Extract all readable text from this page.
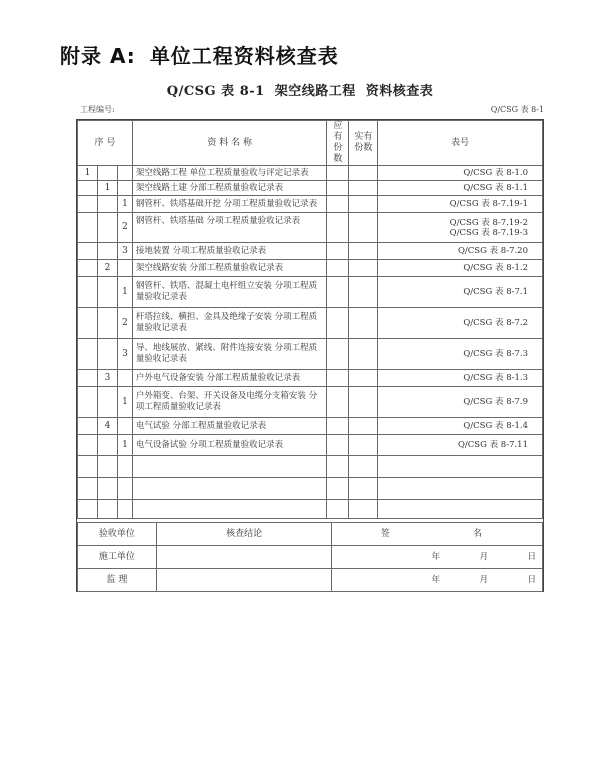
附录 A: 单位工程资料核查表
Q/CSG 表 8-1 架空线路工程 资料核查表
工程编号:	Q/CSG 表 8-1
序 号			资 料 名 称	应有份数	实有份数	表号
1			架空线路工程 单位工程质量验收与评定记录表			Q/CSG 表 8-1.0
	1		架空线路土建 分部工程质量验收记录表			Q/CSG 表 8-1.1
		1	钢管杆、铁塔基础开挖 分项工程质量验收记录表			Q/CSG 表 8-7.19-1
		2	钢管杆、铁塔基础 分项工程质量验收记录表			Q/CSG 表 8-7.19-2
Q/CSG 表 8-7.19-3

		3	接地装置 分项工程质量验收记录表			Q/CSG 表 8-7.20
	2		架空线路安装 分部工程质量验收记录表			Q/CSG 表 8-1.2
		1	钢管杆、铁塔、混凝土电杆组立安装 分项工程质量验收记录表			Q/CSG 表 8-7.1
		2	杆塔拉线、横担、金具及绝缘子安装 分项工程质量验收记录表			Q/CSG 表 8-7.2
		3	导、地线展放、紧线、附件连接安装 分项工程质量验收记录表			Q/CSG 表 8-7.3
	3		户外电气设备安装 分部工程质量验收记录表			Q/CSG 表 8-1.3
		1	户外箱变、台架、开关设备及电缆分支箱安装 分项工程质量验收记录表			Q/CSG 表 8-7.9
	4		电气试验 分部工程质量验收记录表			Q/CSG 表 8-1.4
		1	电气设备试验 分项工程质量验收记录表			Q/CSG 表 8-7.11

验收单位	核查结论	签	名
施工单位			年 月 日
监 理			年 月 日
